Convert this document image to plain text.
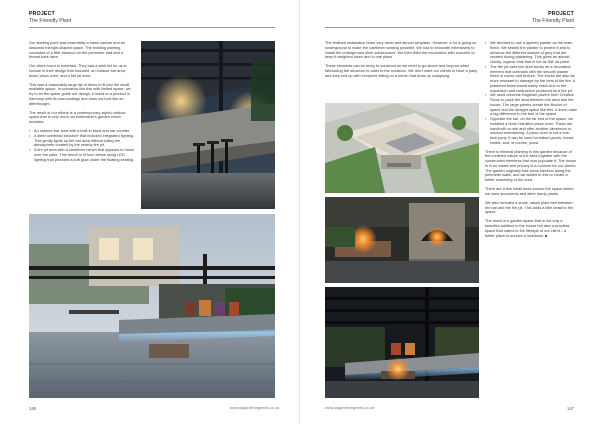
PROJECT
The Friendly Plant

Our starting point was essentially a blank canvas and an awkward triangle-shaped space. The existing planting consisted of a little bamboo on the perimeter wall and a thread-bare lawn.

Our client loved to entertain. They had a wish list for us to include in their design that included, an outdoor bar area, braai, pizza oven, and a fire pit area.

This was a reasonably large list of items to fit into the small available space. In scenarios like this with limited space, we try to let the space guide our design. It leads to a product in harmony with its surroundings and does not look like an afterthought.

The result of our efforts is a contemporary-styled outdoor space that is very much an entertainer's garden which includes:

• An outdoor bar area with a built-in braai and bar counter.
• A steel overhead structure that included integrated lighting. This gently lights up the bar area without killing the atmosphere created by the nearby fire pit.
• A fire pit area with a cantilever bench that appears to hover over the patio. This bench is lit from below using LED lighting that provides a soft glow under the floating seating.
146	www.sagardeningnews.co.za
PROJECT
The Friendly Plant

The finished installation looks very clean and almost simplistic. However, a lot is going on underground to make the cantilever seating possible. We had to excavate extensively to install the underground steel substructure. We then filled the excavation with concrete to keep it weighted down and in one place.

These elements can be tricky to construct as we need to go above and beyond when fabricating the structure to cater to the occasion. We don't want our clients to have a party and they end up with everyone sitting on a bench that ends up collapsing.

• We decided to use a layered planter as the main finish. We sealed the planter to protect it and to enhance the different shades of grey that are created during plastering. This gives an almost cloudy, organic look that is not as 'flat' as paint.
• The fire pit uses kiln-fired bricks as a decorative element that contrasts with the smooth plaster finish in colour and texture. The bricks are also far more resistant to damage by the heat of the fire. A plastered finish would easily crack due to the expansion and contraction produced by a fire pit.
• We used concrete Eagleton pavers from Creative Stone to pave the area between the area and the house. The large pavers create the illusion of space and the straight space like this, it does make a big difference to the feel of the space.
• Opposite the bar, on the far end of the space, we installed a Nosh Hamilton pizza oven. These are handbuilt on-site and offer another dimension to outdoor entertaining. A pizza oven is not a one-trick pony. It can be used for baked goods, bread, roasts, and, of course, pizza.

There is minimal planting in this garden because of the confined nature of the area together with the constructed elements that now populate it. The house is in an estate and privacy is a concern for our clients. The garden originally had some bamboo along the perimeter walls, and we added to this to create a better screening of the area.

There are a few small beds around the space where we used succulents and other hardy plants.

We also included a small, raised plant bed between the bar and the fire pit. This adds a little detail to the space.

The result is a garden space that is not only a beautiful addition to the house but also a practical space that caters to the lifestyle of our client – a better place to survive a lockdown. ■

www.sagardeningnews.co.za	147
